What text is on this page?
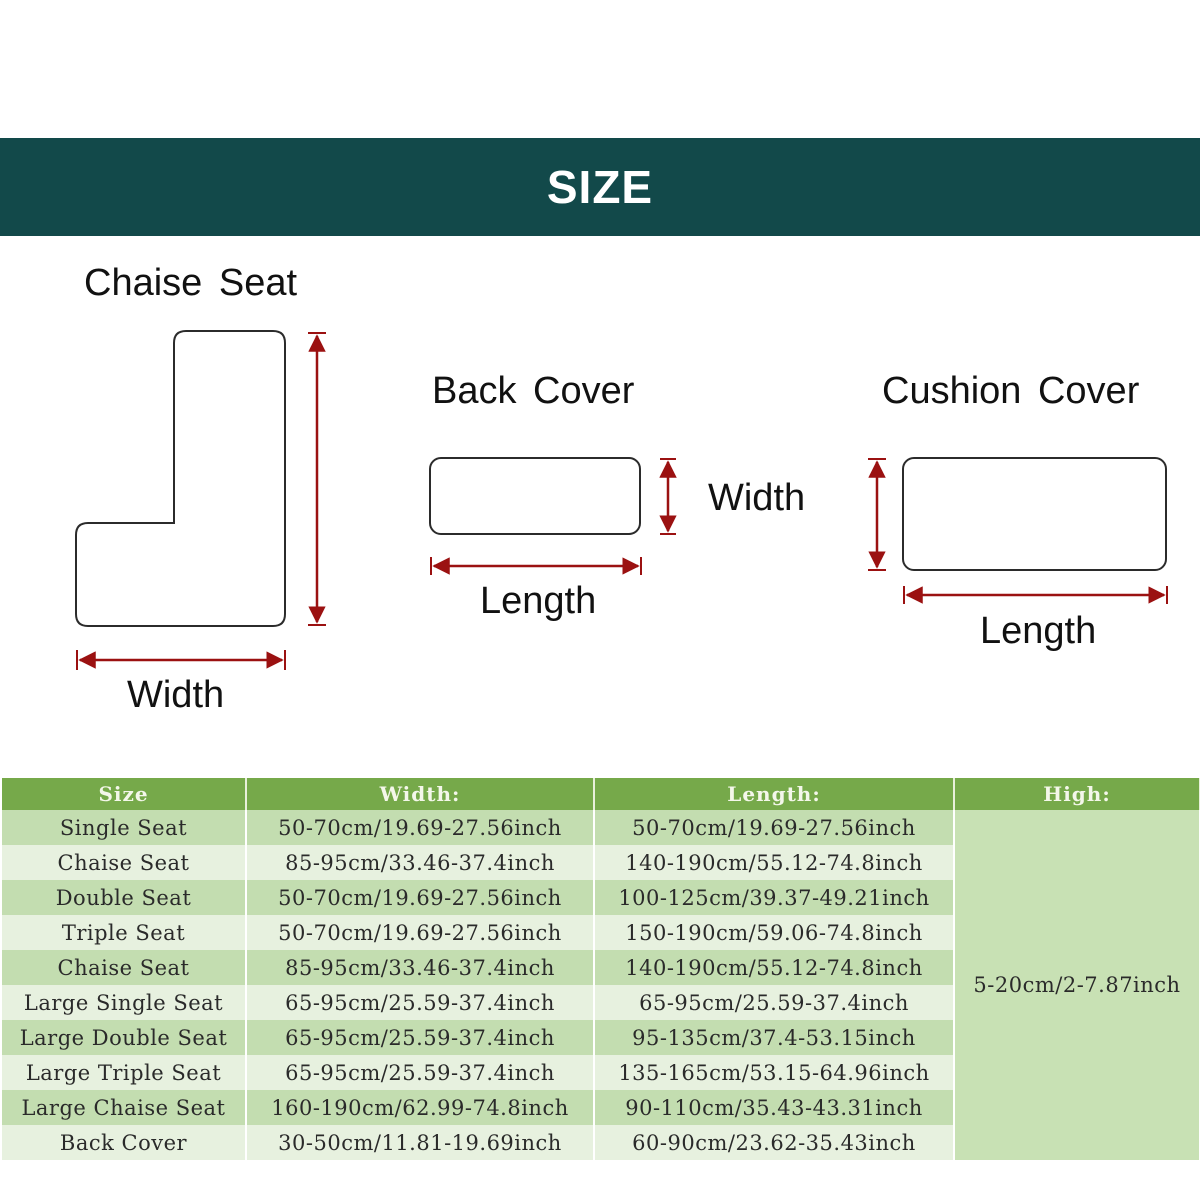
SIZE
Chaise Seat
Width
Back Cover
Width
Length
Cushion Cover
Length
Size	Width:	Length:	High:
Single Seat	50-70cm/19.69-27.56inch	50-70cm/19.69-27.56inch	5-20cm/2-7.87inch
Chaise Seat	85-95cm/33.46-37.4inch	140-190cm/55.12-74.8inch	
Double Seat	50-70cm/19.69-27.56inch	100-125cm/39.37-49.21inch	
Triple Seat	50-70cm/19.69-27.56inch	150-190cm/59.06-74.8inch	
Chaise Seat	85-95cm/33.46-37.4inch	140-190cm/55.12-74.8inch	
Large Single Seat	65-95cm/25.59-37.4inch	65-95cm/25.59-37.4inch	
Large Double Seat	65-95cm/25.59-37.4inch	95-135cm/37.4-53.15inch	
Large Triple Seat	65-95cm/25.59-37.4inch	135-165cm/53.15-64.96inch	
Large Chaise Seat	160-190cm/62.99-74.8inch	90-110cm/35.43-43.31inch	
Back Cover	30-50cm/11.81-19.69inch	60-90cm/23.62-35.43inch	
